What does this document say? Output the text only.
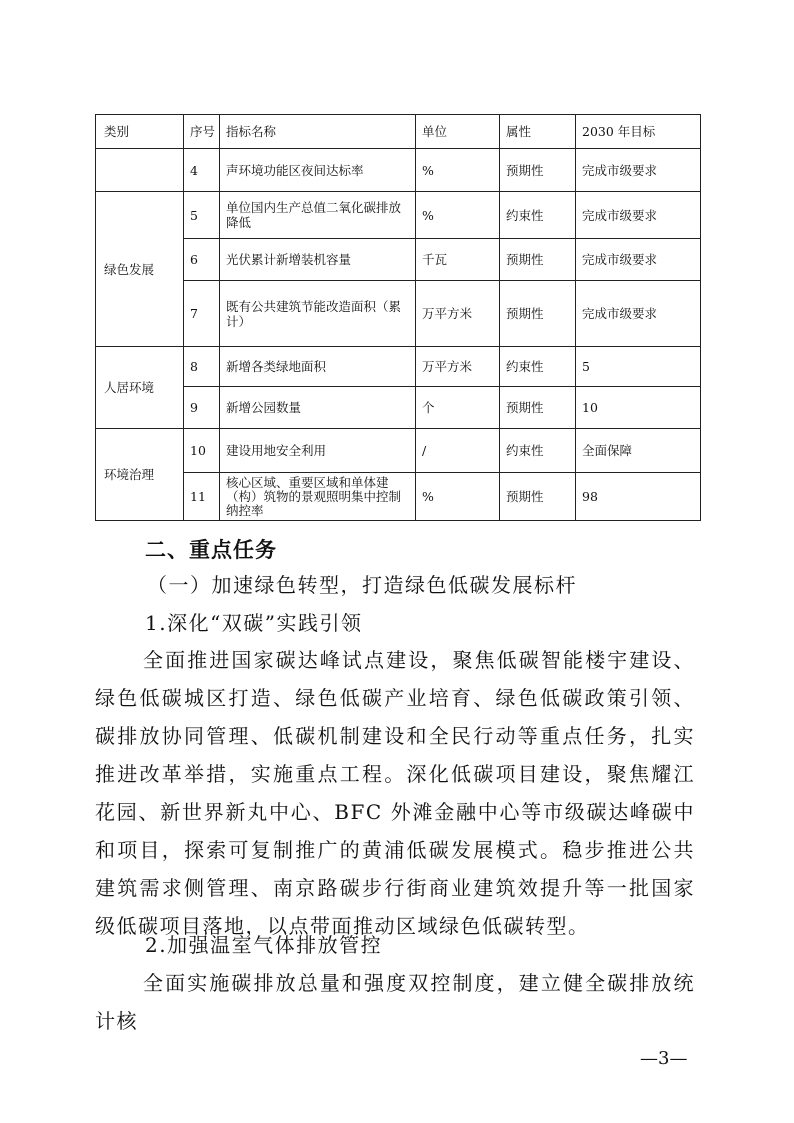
类别	序号	指标名称	单位	属性	2030 年目标
	4	声环境功能区夜间达标率	%	预期性	完成市级要求
绿色发展	5	单位国内生产总值二氧化碳排放降低	%	约束性	完成市级要求
	6	光伏累计新增装机容量	千瓦	预期性	完成市级要求
	7	既有公共建筑节能改造面积（累计）	万平方米	预期性	完成市级要求
人居环境	8	新增各类绿地面积	万平方米	约束性	5
	9	新增公园数量	个	预期性	10
环境治理	10	建设用地安全利用	/	约束性	全面保障
	11	核心区域、重要区域和单体建（构）筑物的景观照明集中控制纳控率	%	预期性	98
二、重点任务
（一）加速绿色转型，打造绿色低碳发展标杆
1.深化“双碳”实践引领
全面推进国家碳达峰试点建设，聚焦低碳智能楼宇建设、绿色低碳城区打造、绿色低碳产业培育、绿色低碳政策引领、碳排放协同管理、低碳机制建设和全民行动等重点任务，扎实推进改革举措，实施重点工程。深化低碳项目建设，聚焦耀江花园、新世界新丸中心、BFC 外滩金融中心等市级碳达峰碳中和项目，探索可复制推广的黄浦低碳发展模式。稳步推进公共建筑需求侧管理、南京路碳步行街商业建筑效提升等一批国家级低碳项目落地，以点带面推动区域绿色低碳转型。
2.加强温室气体排放管控
全面实施碳排放总量和强度双控制度，建立健全碳排放统计核
—3—
